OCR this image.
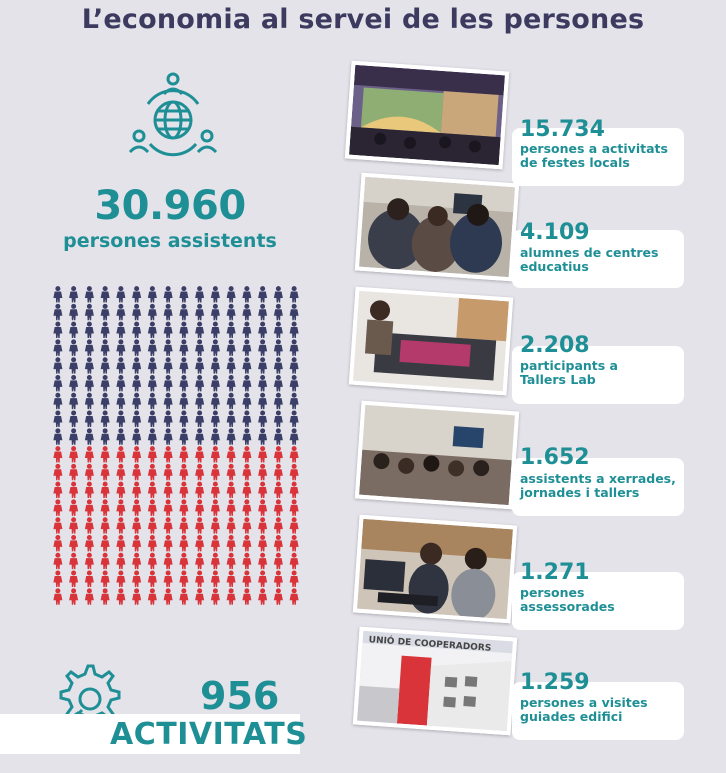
L’economia al servei de les persones
30.960
persones assistents
956
ACTIVITATS
UNIÓ DE COOPERADORS
15.734
persones a activitats
de festes locals
4.109
alumnes de centres
educatius
2.208
participants a
Tallers Lab
1.652
assistents a xerrades,
jornades i tallers
1.271
persones
assessorades
1.259
persones a visites
guiades edifici
